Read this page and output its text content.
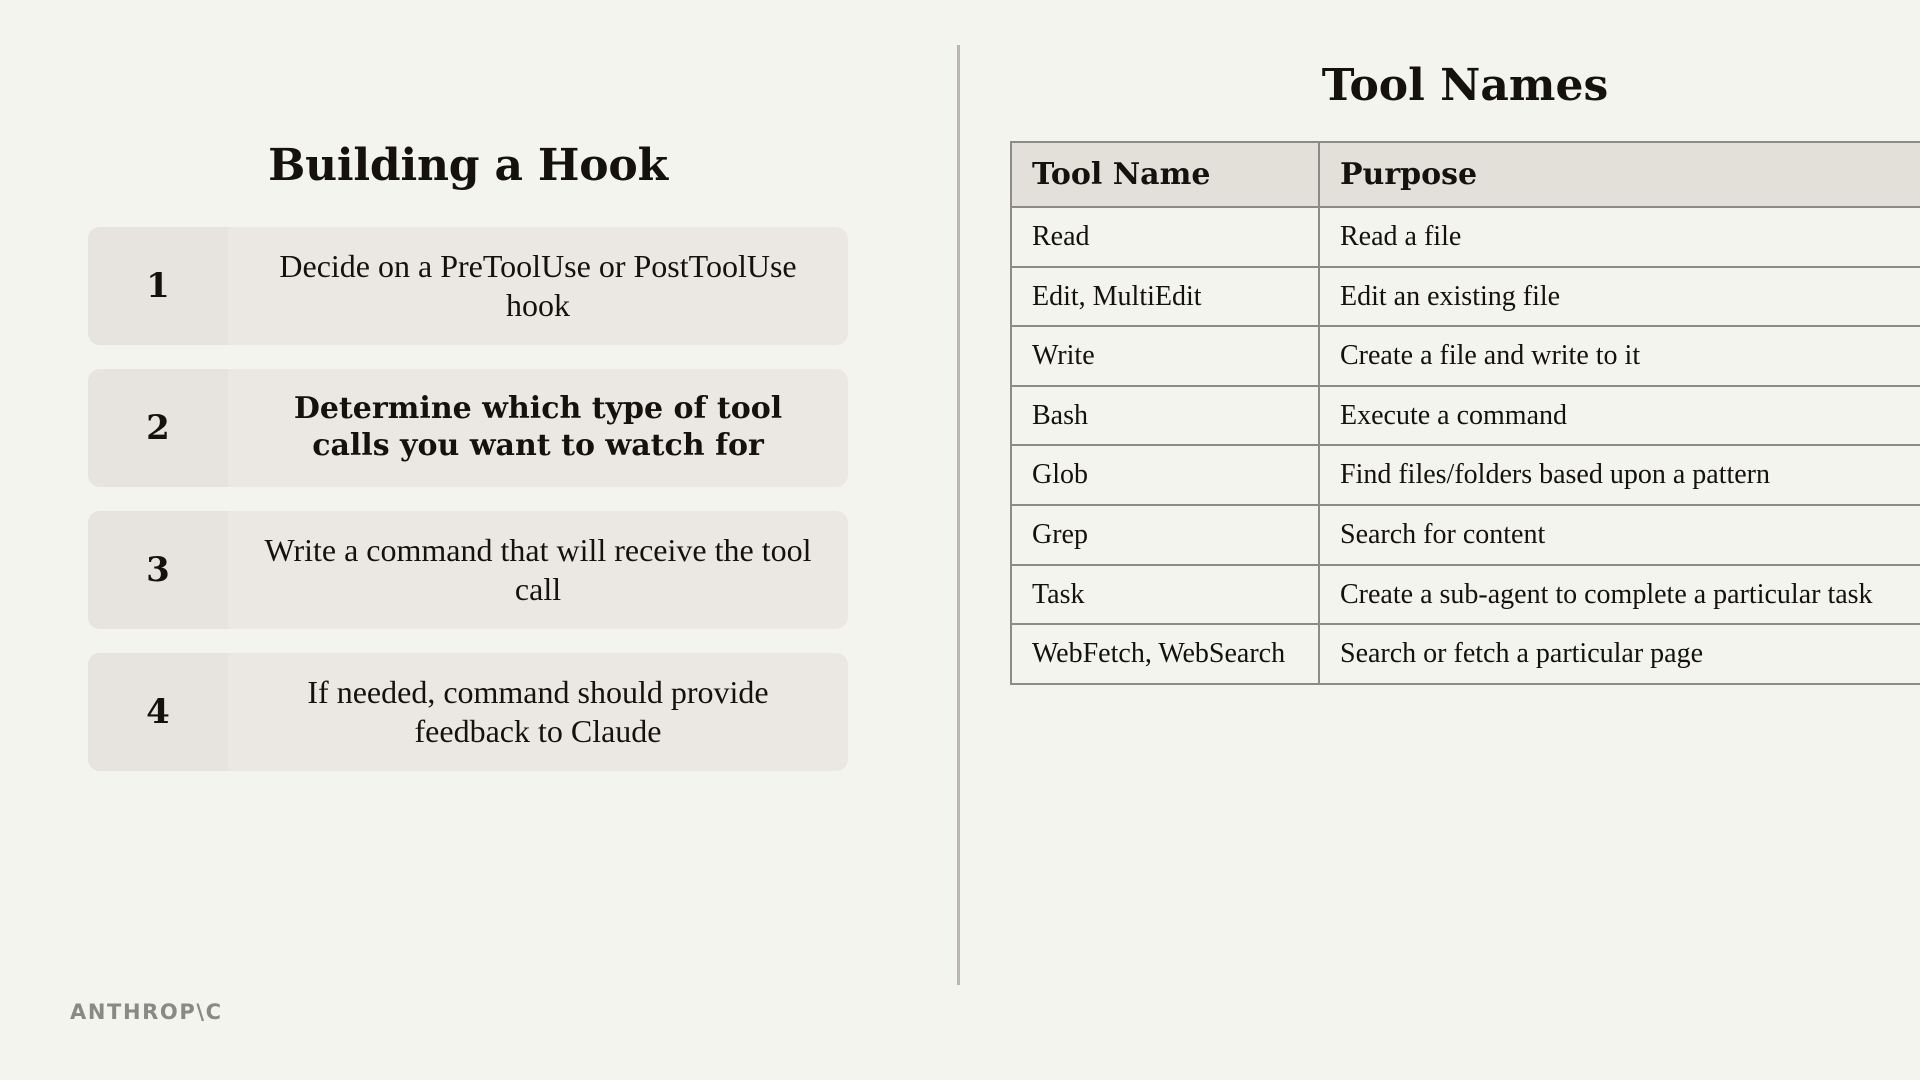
Building a Hook
1
Decide on a PreToolUse or PostToolUse hook
2	Determine which type of tool calls you want to watch for
3
Write a command that will receive the tool call
4
If needed, command should provide feedback to Claude
Tool Names
Tool Name	Purpose
Read	Read a file
Edit, MultiEdit	Edit an existing file
Write	Create a file and write to it
Bash	Execute a command
Glob	Find files/folders based upon a pattern
Grep	Search for content
Task	Create a sub-agent to complete a particular task
WebFetch, WebSearch	Search or fetch a particular page
ANTHROP\C
